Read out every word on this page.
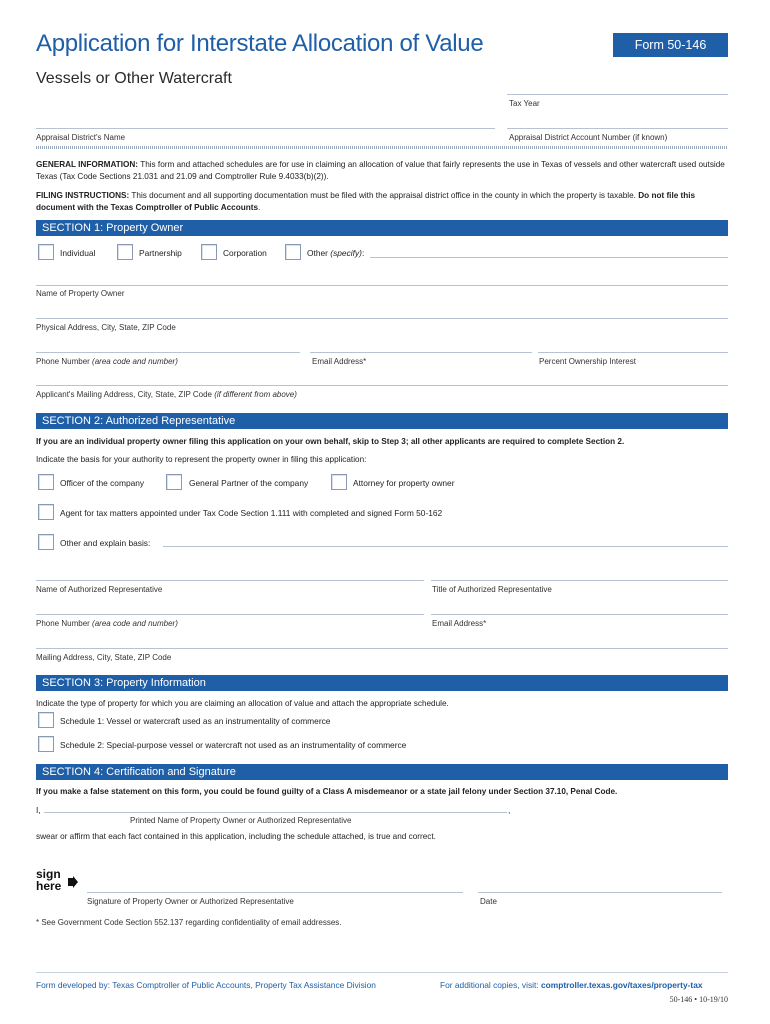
Application for Interstate Allocation of Value	Form 50-146
Vessels or Other Watercraft
Tax Year
Appraisal District's Name	Appraisal District Account Number (if known)
GENERAL INFORMATION: This form and attached schedules are for use in claiming an allocation of value that fairly represents the use in Texas of vessels and other watercraft used outside Texas (Tax Code Sections 21.031 and 21.09 and Comptroller Rule 9.4033(b)(2)).
FILING INSTRUCTIONS: This document and all supporting documentation must be filed with the appraisal district office in the county in which the property is taxable. Do not file this document with the Texas Comptroller of Public Accounts.
SECTION 1: Property Owner
Individual	Partnership	Corporation	Other (specify):
Name of Property Owner
Physical Address, City, State, ZIP Code
Phone Number (area code and number)	Email Address*	Percent Ownership Interest
Applicant's Mailing Address, City, State, ZIP Code (if different from above)
SECTION 2: Authorized Representative
If you are an individual property owner filing this application on your own behalf, skip to Step 3; all other applicants are required to complete Section 2.
Indicate the basis for your authority to represent the property owner in filing this application:
Officer of the company	General Partner of the company	Attorney for property owner
Agent for tax matters appointed under Tax Code Section 1.111 with completed and signed Form 50-162
Other and explain basis:
Name of Authorized Representative	Title of Authorized Representative
Phone Number (area code and number)	Email Address*
Mailing Address, City, State, ZIP Code
SECTION 3: Property Information
Indicate the type of property for which you are claiming an allocation of value and attach the appropriate schedule.
Schedule 1: Vessel or watercraft used as an instrumentality of commerce
Schedule 2: Special-purpose vessel or watercraft not used as an instrumentality of commerce
SECTION 4: Certification and Signature
If you make a false statement on this form, you could be found guilty of a Class A misdemeanor or a state jail felony under Section 37.10, Penal Code.
I,	,
Printed Name of Property Owner or Authorized Representative
swear or affirm that each fact contained in this application, including the schedule attached, is true and correct.
sign
here
Signature of Property Owner or Authorized Representative	Date
* See Government Code Section 552.137 regarding confidentiality of email addresses.
Form developed by: Texas Comptroller of Public Accounts, Property Tax Assistance Division	For additional copies, visit: comptroller.texas.gov/taxes/property-tax
50-146 • 10-19/10
